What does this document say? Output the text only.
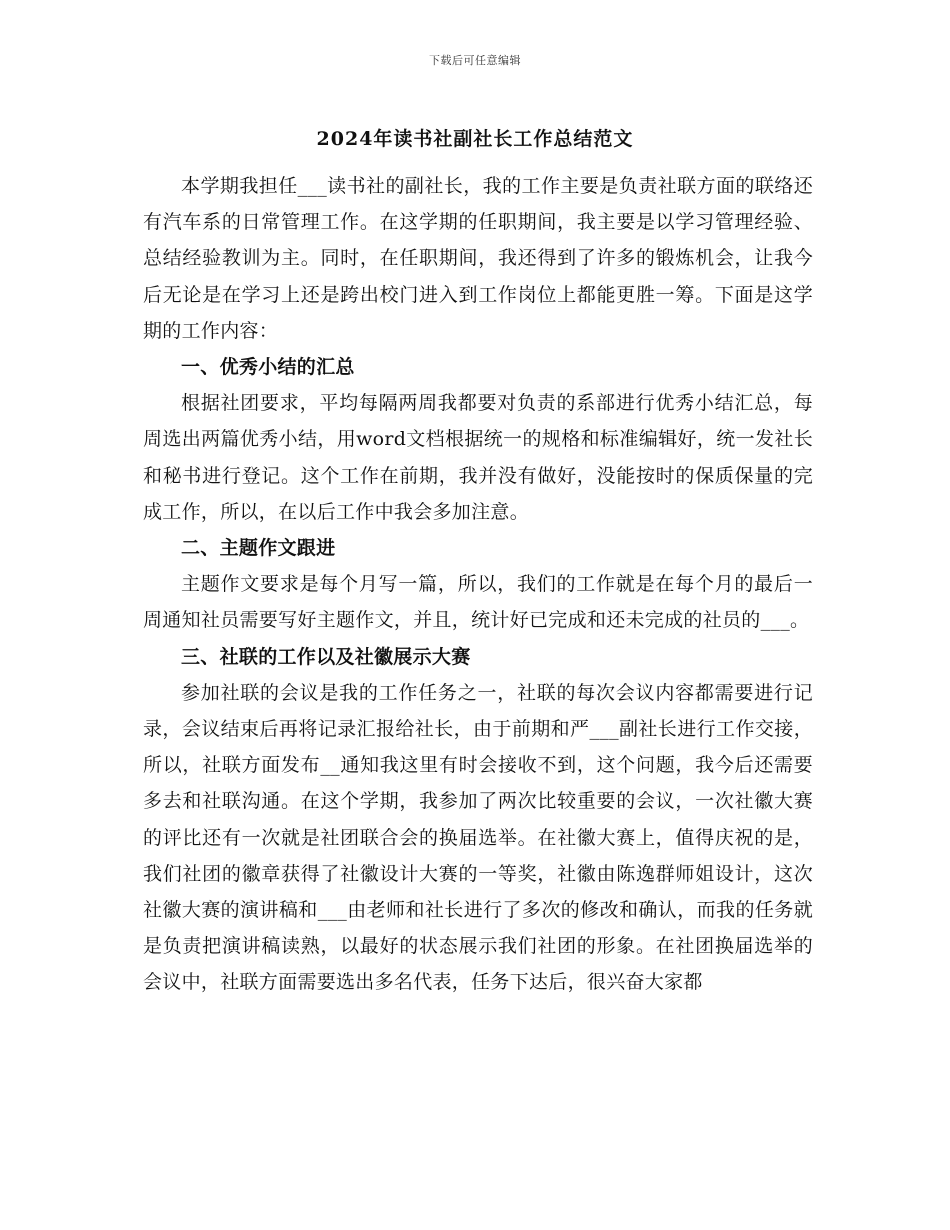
下载后可任意编辑
2024年读书社副社长工作总结范文

本学期我担任___读书社的副社长，我的工作主要是负责社联方面的联络还有汽车系的日常管理工作。在这学期的任职期间，我主要是以学习管理经验、总结经验教训为主。同时，在任职期间，我还得到了许多的锻炼机会，让我今后无论是在学习上还是跨出校门进入到工作岗位上都能更胜一筹。下面是这学期的工作内容：

一、优秀小结的汇总

根据社团要求，平均每隔两周我都要对负责的系部进行优秀小结汇总，每周选出两篇优秀小结，用word文档根据统一的规格和标准编辑好，统一发社长和秘书进行登记。这个工作在前期，我并没有做好，没能按时的保质保量的完成工作，所以，在以后工作中我会多加注意。

二、主题作文跟进

主题作文要求是每个月写一篇，所以，我们的工作就是在每个月的最后一周通知社员需要写好主题作文，并且，统计好已完成和还未完成的社员的___。

三、社联的工作以及社徽展示大赛

参加社联的会议是我的工作任务之一，社联的每次会议内容都需要进行记录，会议结束后再将记录汇报给社长，由于前期和严___副社长进行工作交接，所以，社联方面发布__通知我这里有时会接收不到，这个问题，我今后还需要多去和社联沟通。在这个学期，我参加了两次比较重要的会议，一次社徽大赛的评比还有一次就是社团联合会的换届选举。在社徽大赛上，值得庆祝的是，我们社团的徽章获得了社徽设计大赛的一等奖，社徽由陈逸群师姐设计，这次社徽大赛的演讲稿和___由老师和社长进行了多次的修改和确认，而我的任务就是负责把演讲稿读熟，以最好的状态展示我们社团的形象。在社团换届选举的会议中，社联方面需要选出多名代表，任务下达后，很兴奋大家都
